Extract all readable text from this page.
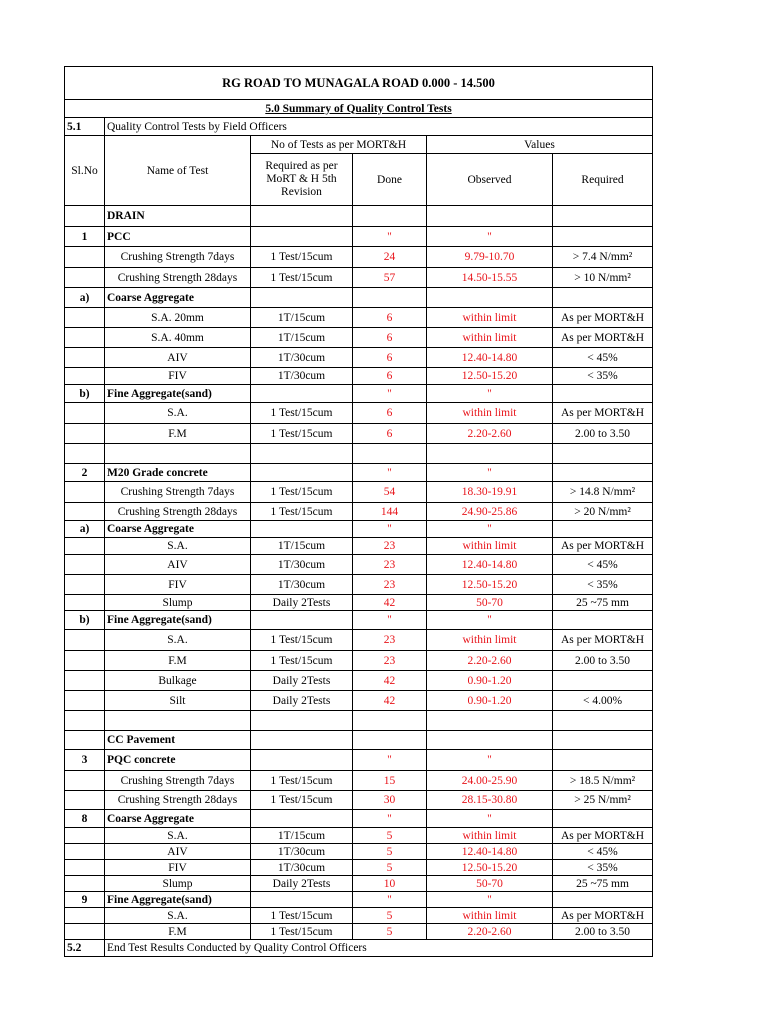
RG ROAD TO MUNAGALA ROAD 0.000 - 14.500					
5.0 Summary of Quality Control Tests					
5.1	Quality Control Tests by Field Officers				
Sl.No	Name of Test	No of Tests as per MORT&H		Values	
		Required as per MoRT & H 5th Revision	Done	Observed	Required
	DRAIN				
1	PCC		"	"	
	Crushing Strength 7days	1 Test/15cum	24	9.79-10.70	> 7.4 N/mm²
	Crushing Strength 28days	1 Test/15cum	57	14.50-15.55	> 10 N/mm²
a)	Coarse Aggregate				
	S.A. 20mm	1T/15cum	6	within limit	As per MORT&H
	S.A. 40mm	1T/15cum	6	within limit	As per MORT&H
	AIV	1T/30cum	6	12.40-14.80	< 45%
	FIV	1T/30cum	6	12.50-15.20	< 35%
b)	Fine Aggregate(sand)		"	"	
	S.A.	1 Test/15cum	6	within limit	As per MORT&H
	F.M	1 Test/15cum	6	2.20-2.60	2.00 to 3.50

2	M20 Grade concrete		"	"	
	Crushing Strength 7days	1 Test/15cum	54	18.30-19.91	> 14.8 N/mm²
	Crushing Strength 28days	1 Test/15cum	144	24.90-25.86	> 20 N/mm²
a)	Coarse Aggregate		"	"	
	S.A.	1T/15cum	23	within limit	As per MORT&H
	AIV	1T/30cum	23	12.40-14.80	< 45%
	FIV	1T/30cum	23	12.50-15.20	< 35%
	Slump	Daily 2Tests	42	50-70	25 ~75 mm
b)	Fine Aggregate(sand)		"	"	
	S.A.	1 Test/15cum	23	within limit	As per MORT&H
	F.M	1 Test/15cum	23	2.20-2.60	2.00 to 3.50
	Bulkage	Daily 2Tests	42	0.90-1.20	
	Silt	Daily 2Tests	42	0.90-1.20	< 4.00%

	CC Pavement				
3	PQC concrete		"	"	
	Crushing Strength 7days	1 Test/15cum	15	24.00-25.90	> 18.5 N/mm²
	Crushing Strength 28days	1 Test/15cum	30	28.15-30.80	> 25 N/mm²
8	Coarse Aggregate		"	"	
	S.A.	1T/15cum	5	within limit	As per MORT&H
	AIV	1T/30cum	5	12.40-14.80	< 45%
	FIV	1T/30cum	5	12.50-15.20	< 35%
	Slump	Daily 2Tests	10	50-70	25 ~75 mm
9	Fine Aggregate(sand)		"	"	
	S.A.	1 Test/15cum	5	within limit	As per MORT&H
	F.M	1 Test/15cum	5	2.20-2.60	2.00 to 3.50
5.2	End Test Results Conducted by Quality Control Officers				
